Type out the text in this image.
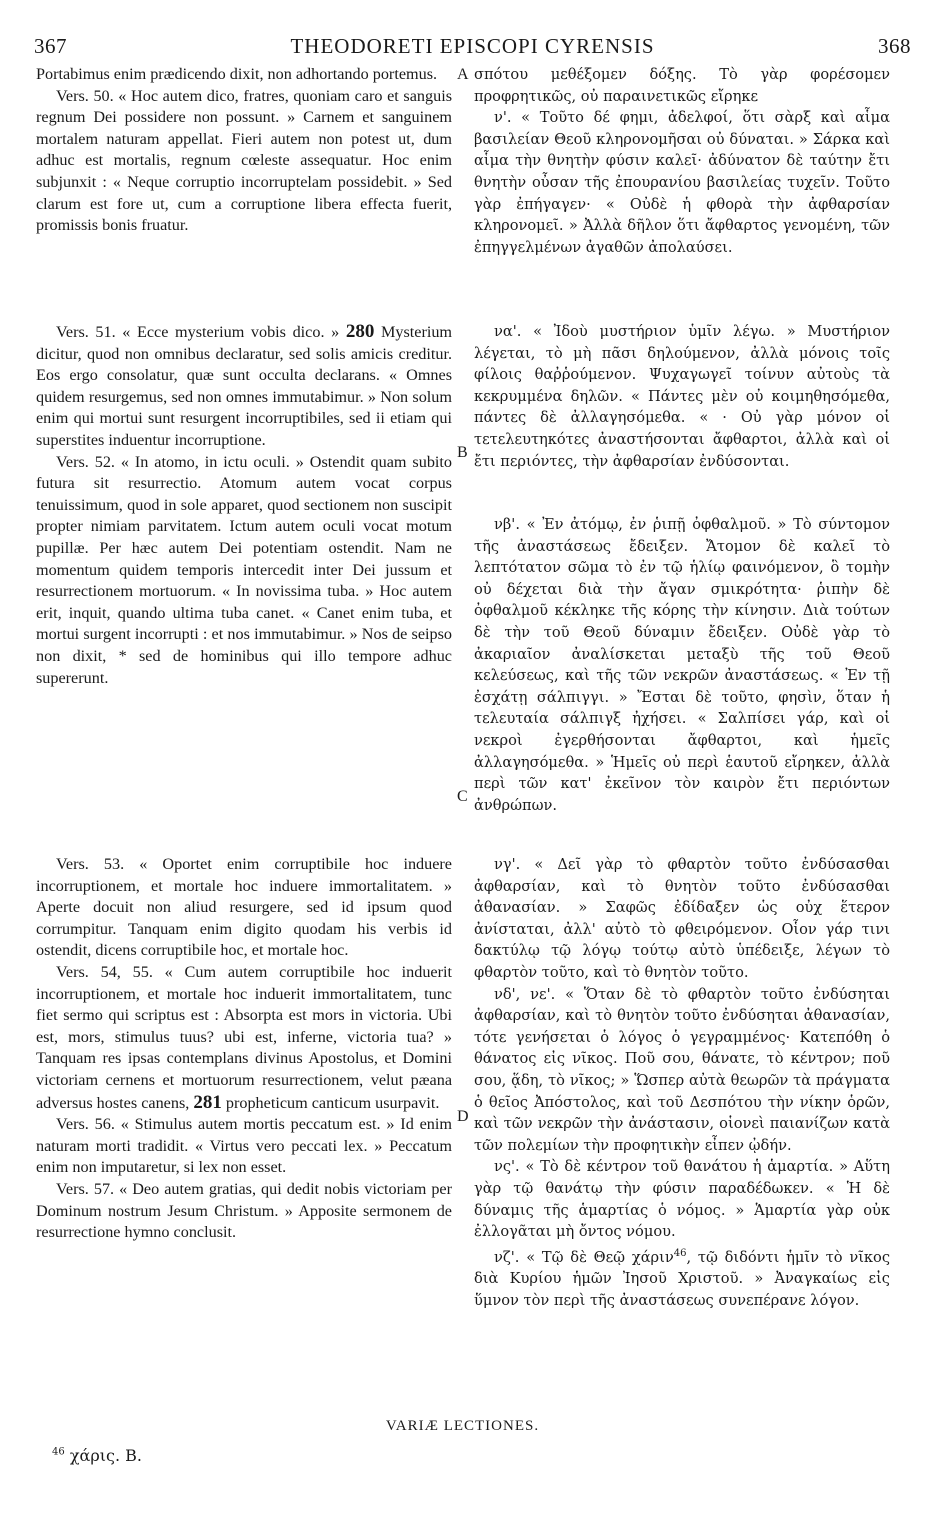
367	THEODORETI EPISCOPI CYRENSIS	368

Portabimus enim prædicendo dixit, non adhortando portemus.

Vers. 50. « Hoc autem dico, fratres, quoniam caro et sanguis regnum Dei possidere non possunt. » Carnem et sanguinem mortalem naturam appellat. Fieri autem non potest ut, dum adhuc est mortalis, regnum cœleste assequatur. Hoc enim subjunxit : « Neque corruptio incorruptelam possidebit. » Sed clarum est fore ut, cum a corruptione libera effecta fuerit, promissis bonis fruatur.

Vers. 51. « Ecce mysterium vobis dico. » 280 Mysterium dicitur, quod non omnibus declaratur, sed solis amicis creditur. Eos ergo consolatur, quæ sunt occulta declarans. « Omnes quidem resurgemus, sed non omnes immutabimur. » Non solum enim qui mortui sunt resurgent incorruptibiles, sed ii etiam qui superstites induentur incorruptione.

Vers. 52. « In atomo, in ictu oculi. » Ostendit quam subito futura sit resurrectio. Atomum autem vocat corpus tenuissimum, quod in sole apparet, quod sectionem non suscipit propter nimiam parvitatem. Ictum autem oculi vocat motum pupillæ. Per hæc autem Dei potentiam ostendit. Nam ne momentum quidem temporis intercedit inter Dei jussum et resurrectionem mortuorum. « In novissima tuba. » Hoc autem erit, inquit, quando ultima tuba canet. « Canet enim tuba, et mortui surgent incorrupti : et nos immutabimur. » Nos de seipso non dixit, * sed de hominibus qui illo tempore adhuc supererunt.

Vers. 53. « Oportet enim corruptibile hoc induere incorruptionem, et mortale hoc induere immortalitatem. » Aperte docuit non aliud resurgere, sed id ipsum quod corrumpitur. Tanquam enim digito quodam his verbis id ostendit, dicens corruptibile hoc, et mortale hoc.

Vers. 54, 55. « Cum autem corruptibile hoc induerit incorruptionem, et mortale hoc induerit immortalitatem, tunc fiet sermo qui scriptus est : Absorpta est mors in victoria. Ubi est, mors, stimulus tuus? ubi est, inferne, victoria tua? » Tanquam res ipsas contemplans divinus Apostolus, et Domini victoriam cernens et mortuorum resurrectionem, velut pæana adversus hostes canens, 281 propheticum canticum usurpavit.

Vers. 56. « Stimulus autem mortis peccatum est. » Id enim naturam morti tradidit. « Virtus vero peccati lex. » Peccatum enim non imputaretur, si lex non esset.

Vers. 57. « Deo autem gratias, qui dedit nobis victoriam per Dominum nostrum Jesum Christum. » Apposite sermonem de resurrectione hymno conclusit.

A
B
C
D

σπότου μεθέξομεν δόξης. Τὸ γὰρ φορέσομεν προφρητικῶς, οὐ παραινετικῶς εἴρηκε

ν'. « Τοῦτο δέ φημι, ἀδελφοί, ὅτι σὰρξ καὶ αἷμα βασιλείαν Θεοῦ κληρονομῆσαι οὐ δύναται. » Σάρκα καὶ αἷμα τὴν θνητὴν φύσιν καλεῖ· ἀδύνατον δὲ ταύτην ἔτι θνητὴν οὖσαν τῆς ἐπουρανίου βασιλείας τυχεῖν. Τοῦτο γὰρ ἐπήγαγεν· « Οὐδὲ ἡ φθορὰ τὴν ἀφθαρσίαν κληρονομεῖ. » Ἀλλὰ δῆλον ὅτι ἄφθαρτος γενομένη, τῶν ἐπηγγελμένων ἀγαθῶν ἀπολαύσει.

να'. « Ἰδοὺ μυστήριον ὑμῖν λέγω. » Μυστήριον λέγεται, τὸ μὴ πᾶσι δηλούμενον, ἀλλὰ μόνοις τοῖς φίλοις θαῤῥούμενον. Ψυχαγωγεῖ τοίνυν αὐτοὺς τὰ κεκρυμμένα δηλῶν. « Πάντες μὲν οὐ κοιμηθησόμεθα, πάντες δὲ ἀλλαγησόμεθα. « · Οὐ γὰρ μόνον οἱ τετελευτηκότες ἀναστήσονται ἄφθαρτοι, ἀλλὰ καὶ οἱ ἔτι περιόντες, τὴν ἀφθαρσίαν ἐνδύσονται.

νβ'. « Ἐν ἀτόμῳ, ἐν ῥιπῇ ὀφθαλμοῦ. » Τὸ σύντομον τῆς ἀναστάσεως ἔδειξεν. Ἄτομον δὲ καλεῖ τὸ λεπτότατον σῶμα τὸ ἐν τῷ ἡλίῳ φαινόμενον, ὃ τομὴν οὐ δέχεται διὰ τὴν ἄγαν σμικρότητα· ῥιπὴν δὲ ὀφθαλμοῦ κέκληκε τῆς κόρης τὴν κίνησιν. Διὰ τούτων δὲ τὴν τοῦ Θεοῦ δύναμιν ἔδειξεν. Οὐδὲ γὰρ τὸ ἀκαριαῖον ἀναλίσκεται μεταξὺ τῆς τοῦ Θεοῦ κελεύσεως, καὶ τῆς τῶν νεκρῶν ἀναστάσεως. « Ἐν τῇ ἐσχάτῃ σάλπιγγι. » Ἔσται δὲ τοῦτο, φησὶν, ὅταν ἡ τελευταία σάλπιγξ ἠχήσει. « Σαλπίσει γάρ, καὶ οἱ νεκροὶ ἐγερθήσονται ἄφθαρτοι, καὶ ἡμεῖς ἀλλαγησόμεθα. » Ἡμεῖς οὐ περὶ ἑαυτοῦ εἴρηκεν, ἀλλὰ περὶ τῶν κατ' ἐκεῖνον τὸν καιρὸν ἔτι περιόντων ἀνθρώπων.

νγ'. « Δεῖ γὰρ τὸ φθαρτὸν τοῦτο ἐνδύσασθαι ἀφθαρσίαν, καὶ τὸ θνητὸν τοῦτο ἐνδύσασθαι ἀθανασίαν. » Σαφῶς ἐδίδαξεν ὡς οὐχ ἕτερον ἀνίσταται, ἀλλ' αὐτὸ τὸ φθειρόμενον. Οἷον γάρ τινι δακτύλῳ τῷ λόγῳ τούτῳ αὐτὸ ὑπέδειξε, λέγων τὸ φθαρτὸν τοῦτο, καὶ τὸ θνητὸν τοῦτο.

νδ', νε'. « Ὅταν δὲ τὸ φθαρτὸν τοῦτο ἐνδύσηται ἀφθαρσίαν, καὶ τὸ θνητὸν τοῦτο ἐνδύσηται ἀθανασίαν, τότε γενήσεται ὁ λόγος ὁ γεγραμμένος· Κατεπόθη ὁ θάνατος εἰς νῖκος. Ποῦ σου, θάνατε, τὸ κέντρον; ποῦ σου, ᾅδη, τὸ νῖκος; » Ὥσπερ αὐτὰ θεωρῶν τὰ πράγματα ὁ θεῖος Ἀπόστολος, καὶ τοῦ Δεσπότου τὴν νίκην ὁρῶν, καὶ τῶν νεκρῶν τὴν ἀνάστασιν, οἱονεὶ παιανίζων κατὰ τῶν πολεμίων τὴν προφητικὴν εἶπεν ᾠδήν.

νς'. « Τὸ δὲ κέντρον τοῦ θανάτου ἡ ἁμαρτία. » Αὕτη γὰρ τῷ θανάτῳ τὴν φύσιν παραδέδωκεν. « Ἡ δὲ δύναμις τῆς ἁμαρτίας ὁ νόμος. » Ἁμαρτία γὰρ οὐκ ἐλλογᾶται μὴ ὄντος νόμου.

νζ'. « Τῷ δὲ Θεῷ χάριν$^{46}$, τῷ διδόντι ἡμῖν τὸ νῖκος διὰ Κυρίου ἡμῶν Ἰησοῦ Χριστοῦ. » Ἀναγκαίως εἰς ὕμνον τὸν περὶ τῆς ἀναστάσεως συνεπέρανε λόγον.

VARIÆ LECTIONES.
$^{46}$ χάρις. B.
